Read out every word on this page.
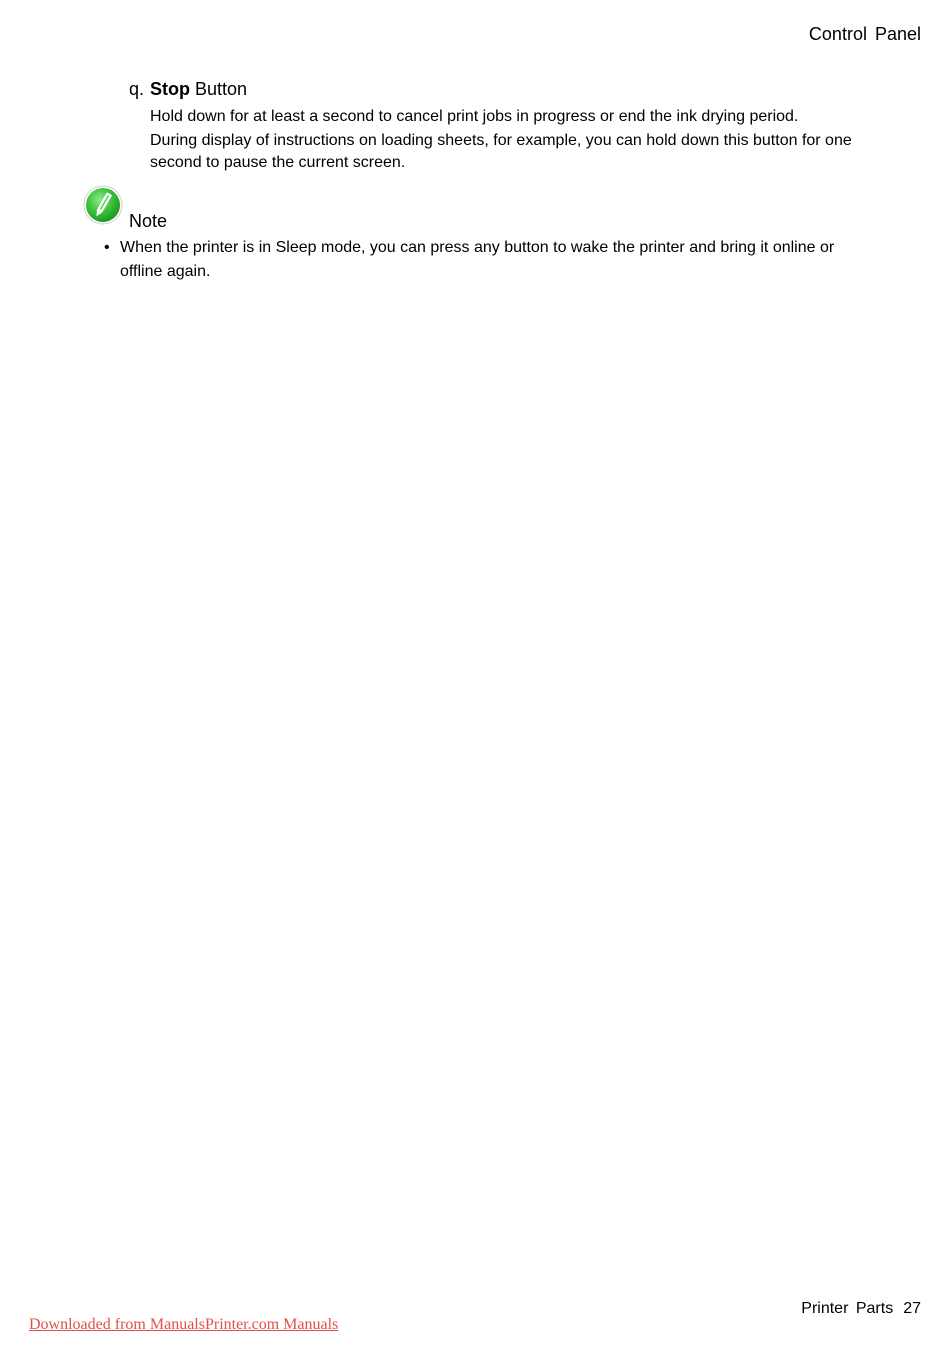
Control Panel
q. Stop Button
Hold down for at least a second to cancel print jobs in progress or end the ink drying period.
During display of instructions on loading sheets, for example, you can hold down this button for one second to pause the current screen.
Note
• When the printer is in Sleep mode, you can press any button to wake the printer and bring it online or offline again.
Printer Parts 27
Downloaded from ManualsPrinter.com Manuals
